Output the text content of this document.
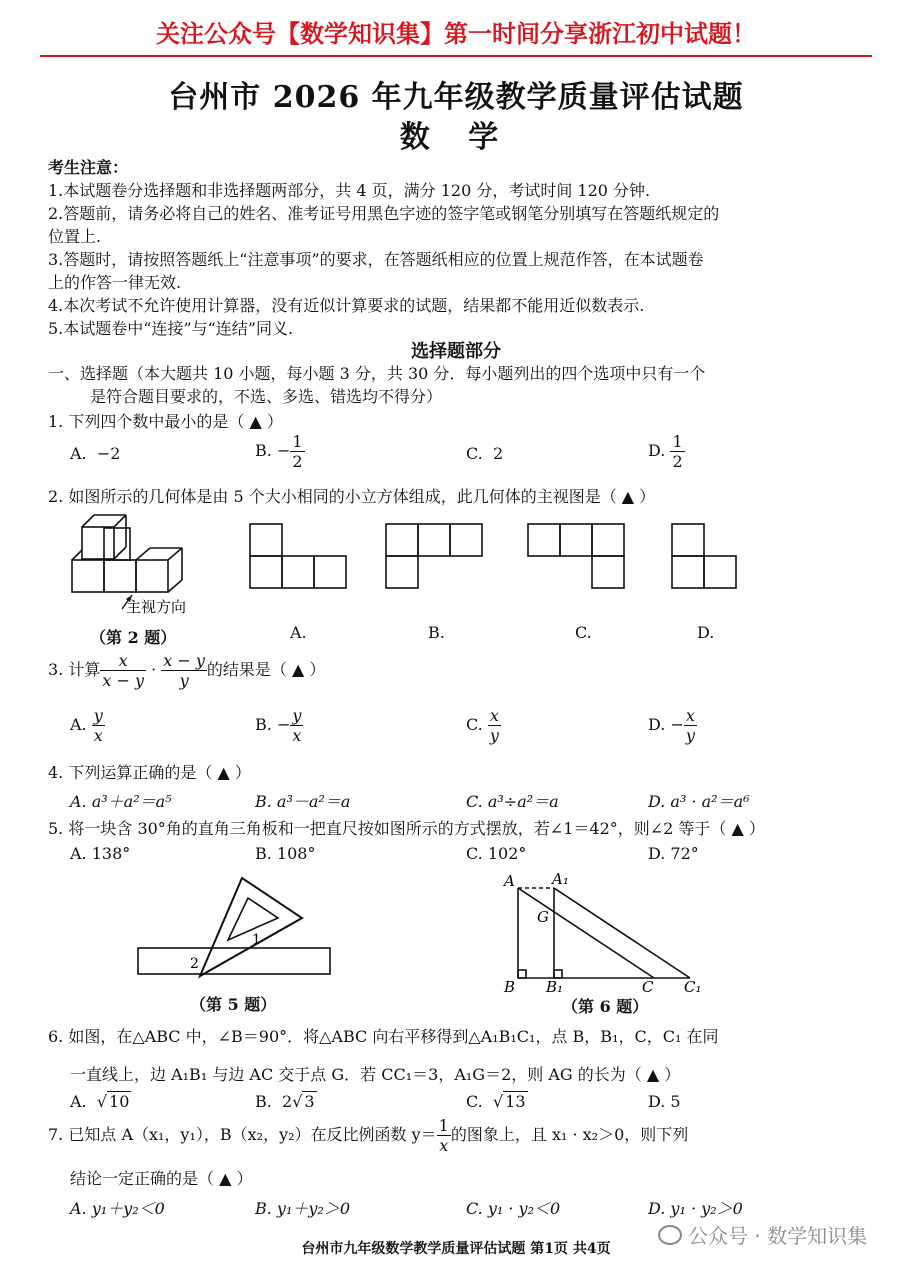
关注公众号【数学知识集】第一时间分享浙江初中试题！
台州市 2026 年九年级教学质量评估试题
数 学
考生注意：
1.本试题卷分选择题和非选择题两部分，共 4 页，满分 120 分，考试时间 120 分钟.
2.答题前，请务必将自己的姓名、准考证号用黑色字迹的签字笔或钢笔分别填写在答题纸规定的
位置上.
3.答题时，请按照答题纸上“注意事项”的要求，在答题纸相应的位置上规范作答，在本试题卷
上的作答一律无效.
4.本次考试不允许使用计算器，没有近似计算要求的试题，结果都不能用近似数表示.
5.本试题卷中“连接”与“连结”同义.
选择题部分
一、选择题（本大题共 10 小题，每小题 3 分，共 30 分．每小题列出的四个选项中只有一个
是符合题目要求的，不选、多选、错选均不得分）
1. 下列四个数中最小的是（ ▲ ）
A. −2	B. − $\frac{1}{2}$	C. 2	D. $\frac{1}{2}$
2. 如图所示的几何体是由 5 个大小相同的小立方体组成，此几何体的主视图是（ ▲ ）
主视方向
（第 2 题）	A.	B.	C.	D.
3. 计算 $\frac{x}{x - y} \cdot \frac{x - y}{y}$ 的结果是（ ▲ ）
A. $\frac{y}{x}$	B. − $\frac{y}{x}$	C. $\frac{x}{y}$	D. − $\frac{x}{y}$
4. 下列运算正确的是（ ▲ ）
A. a³＋a²＝a⁵	B. a³－a²＝a	C. a³÷a²＝a	D. a³ · a²＝a⁶
5. 将一块含 30°角的直角三角板和一把直尺按如图所示的方式摆放，若∠1＝42°，则∠2 等于（ ▲ ）
A. 138°	B. 108°	C. 102°	D. 72°
1
2
（第 5 题）
A A₁
G
B B₁	C C₁
（第 6 题）
6. 如图，在△ABC 中，∠B＝90°．将△ABC 向右平移得到△A₁B₁C₁，点 B，B₁，C，C₁ 在同
一直线上，边 A₁B₁ 与边 AC 交于点 G．若 CC₁＝3，A₁G＝2，则 AG 的长为（ ▲ ）
A.  √ 10	B. 2√ 3	C.  √ 13	D. 5
7. 已知点 A（x₁，y₁），B（x₂，y₂）在反比例函数 $y= \frac{1}{x}$ 的图象上，且 x₁ · x₂＞0，则下列
结论一定正确的是（ ▲ ）
A. y₁＋y₂＜0	B. y₁＋y₂＞0	C. y₁ · y₂＜0	D. y₁ · y₂＞0
台州市九年级数学教学质量评估试题 第1页 共4页
公众号 · 数学知识集
